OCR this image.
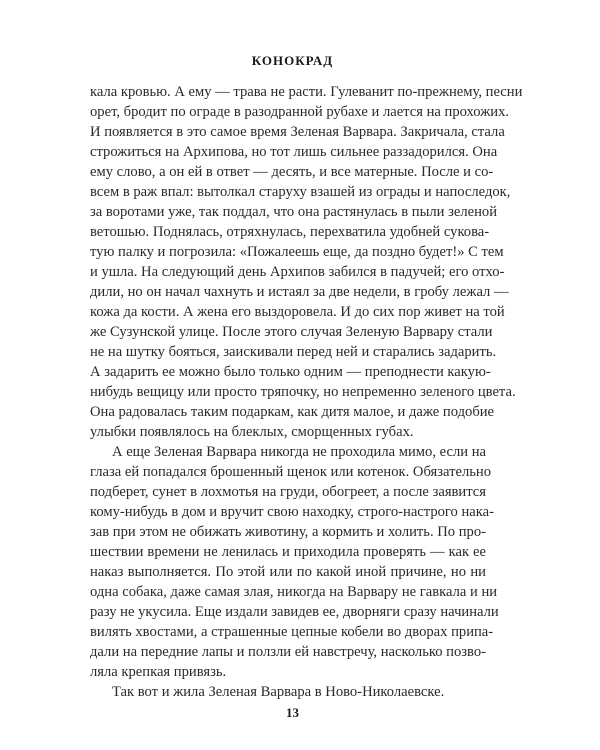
КОНОКРАД
кала кровью. А ему — трава не расти. Гулеванит по-прежнему, песни
орет, бродит по ограде в разодранной рубахе и лается на прохожих.
И появляется в это самое время Зеленая Варвара. Закричала, стала
строжиться на Архипова, но тот лишь сильнее раззадорился. Она
ему слово, а он ей в ответ — десять, и все матерные. После и со-
всем в раж впал: вытолкал старуху взашей из ограды и напоследок,
за воротами уже, так поддал, что она растянулась в пыли зеленой
ветошью. Поднялась, отряхнулась, перехватила удобней сукова-
тую палку и погрозила: «Пожалеешь еще, да поздно будет!» С тем
и ушла. На следующий день Архипов забился в падучей; его отхо-
дили, но он начал чахнуть и истаял за две недели, в гробу лежал —
кожа да кости. А жена его выздоровела. И до сих пор живет на той
же Сузунской улице. После этого случая Зеленую Варвару стали
не на шутку бояться, заискивали перед ней и старались задарить.
А задарить ее можно было только одним — преподнести какую-
нибудь вещицу или просто тряпочку, но непременно зеленого цвета.
Она радовалась таким подаркам, как дитя малое, и даже подобие
улыбки появлялось на блеклых, сморщенных губах.
А еще Зеленая Варвара никогда не проходила мимо, если на
глаза ей попадался брошенный щенок или котенок. Обязательно
подберет, сунет в лохмотья на груди, обогреет, а после заявится
кому-нибудь в дом и вручит свою находку, строго-настрого нака-
зав при этом не обижать животину, а кормить и холить. По про-
шествии времени не ленилась и приходила проверять — как ее
наказ выполняется. По этой или по какой иной причине, но ни
одна собака, даже самая злая, никогда на Варвару не гавкала и ни
разу не укусила. Еще издали завидев ее, дворняги сразу начинали
вилять хвостами, а страшенные цепные кобели во дворах припа-
дали на передние лапы и ползли ей навстречу, насколько позво-
ляла крепкая привязь.
Так вот и жила Зеленая Варвара в Ново-Николаевске.
13
